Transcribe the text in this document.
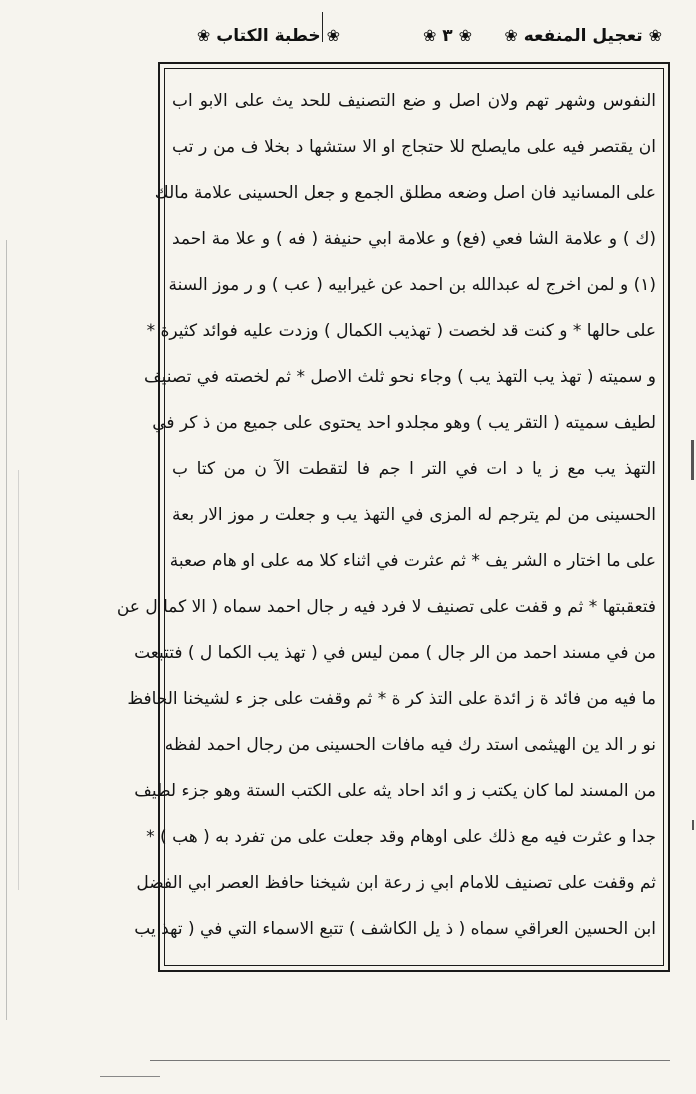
❀ تعجيل المنفعه ❀
❀ ٣ ❀
❀ خطبة الكتاب ❀
النفوس وشهر تهم ولان اصل و ضع التصنيف للحد يث على الابو اب
ان يقتصر فيه على مايصلح للا حتجاج او الا ستشها د بخلا ف من ر تب
على المسانيد فان اصل وضعه مطلق الجمع و جعل الحسينى علامة مالك
(ك ) و علامة الشا فعي (فع) و علامة ابي حنيفة ( فه ) و علا مة احمد
(١) و لمن اخرج له عبدالله بن احمد عن غيرابيه ( عب ) و ر موز السنة
على حالها * و كنت قد لخصت ( تهذيب الكمال ) وزدت عليه فوائد كثيرة *
و سميته ( تهذ يب التهذ يب ) وجاء نحو ثلث الاصل * ثم لخصته في تصنيف
لطيف سميته ( التقر يب ) وهو مجلدو احد يحتوى على جميع من ذ كر في
التهذ يب مع ز يا د ات في التر ا جم فا لتقطت الآ ن من كتا ب
الحسينى من لم يترجم له المزى في التهذ يب و جعلت ر موز الار بعة
على ما اختار ه الشر يف * ثم عثرت في اثناء كلا مه على او هام صعبة
فتعقبتها * ثم و قفت على تصنيف لا فرد فيه ر جال احمد سماه ( الا كما ل عن
من في مسند احمد من الر جال ) ممن ليس في ( تهذ يب الكما ل ) فتتبعت
ما فيه من فائد ة ز ائدة على التذ كر ة * ثم وقفت على جز ء لشيخنا الحافظ
نو ر الد ين الهيثمى استد رك فيه مافات الحسينى من رجال احمد لفظه
من المسند لما كان يكتب ز و ائد احاد يثه على الكتب الستة وهو جزء لطيف
جدا و عثرت فيه مع ذلك على اوهام وقد جعلت على من تفرد به ( هب ) *
ثم وقفت على تصنيف للامام ابي ز رعة ابن شيخنا حافظ العصر ابي الفضل
ابن الحسين العراقي سماه ( ذ يل الكاشف ) تتبع الاسماء التي في ( تهذ يب
